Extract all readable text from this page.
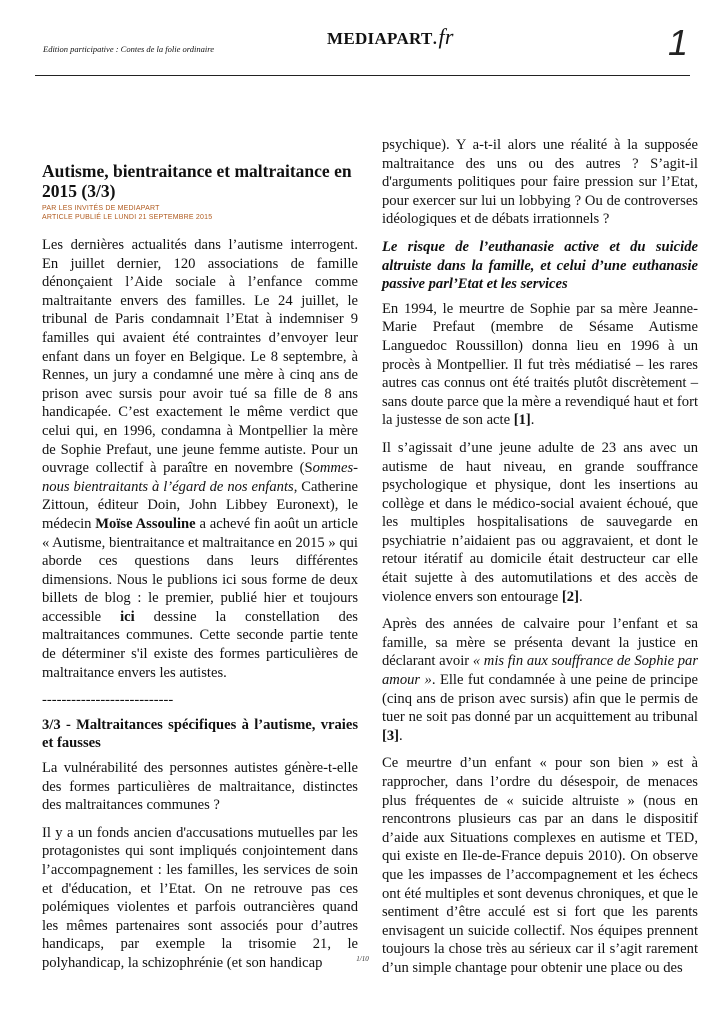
Edition participative : Contes de la folie ordinaire
MEDIAPART.fr	1
Autisme, bientraitance et maltraitance en 2015 (3/3)
PAR LES INVITÉS DE MEDIAPART
ARTICLE PUBLIÉ LE LUNDI 21 SEPTEMBRE 2015

Les dernières actualités dans l’autisme interrogent. En juillet dernier, 120 associations de famille dénonçaient l’Aide sociale à l’enfance comme maltraitante envers des familles. Le 24 juillet, le tribunal de Paris condamnait l’Etat à indemniser 9 familles qui avaient été contraintes d’envoyer leur enfant dans un foyer en Belgique. Le 8 septembre, à Rennes, un jury a condamné une mère à cinq ans de prison avec sursis pour avoir tué sa fille de 8 ans handicapée. C’est exactement le même verdict que celui qui, en 1996, condamna à Montpellier la mère de Sophie Prefaut, une jeune femme autiste. Pour un ouvrage collectif à paraître en novembre (Sommes-nous bientraitants à l’égard de nos enfants, Catherine Zittoun, éditeur Doin, John Libbey Euronext), le médecin Moïse Assouline a achevé fin août un article « Autisme, bientraitance et maltraitance en 2015 » qui aborde ces questions dans leurs différentes dimensions. Nous le publions ici sous forme de deux billets de blog : le premier, publié hier et toujours accessible ici dessine la constellation des maltraitances communes. Cette seconde partie tente de déterminer s'il existe des formes particulières de maltraitance envers les autistes.

---------------------------
3/3 - Maltraitances spécifiques à l’autisme, vraies et fausses

La vulnérabilité des personnes autistes génère-t-elle des formes particulières de maltraitance, distinctes des maltraitances communes ?

Il y a un fonds ancien d'accusations mutuelles par les protagonistes qui sont impliqués conjointement dans l’accompagnement : les familles, les services de soin et d'éducation, et l’Etat. On ne retrouve pas ces polémiques violentes et parfois outrancières quand les mêmes partenaires sont associés pour d’autres handicaps, par exemple la trisomie 21, le polyhandicap, la schizophrénie (et son handicap

psychique). Y a-t-il alors une réalité à la supposée maltraitance des uns ou des autres ? S’agit-il d'arguments politiques pour faire pression sur l’Etat, pour exercer sur lui un lobbying ? Ou de controverses idéologiques et de débats irrationnels ?

Le risque de l’euthanasie active et du suicide altruiste dans la famille, et celui d’une euthanasie passive parl’Etat et les services

En 1994, le meurtre de Sophie par sa mère Jeanne-Marie Prefaut (membre de Sésame Autisme Languedoc Roussillon) donna lieu en 1996 à un procès à Montpellier. Il fut très médiatisé – les rares autres cas connus ont été traités plutôt discrètement – sans doute parce que la mère a revendiqué haut et fort la justesse de son acte [1].

Il s’agissait d’une jeune adulte de 23 ans avec un autisme de haut niveau, en grande souffrance psychologique et physique, dont les insertions au collège et dans le médico-social avaient échoué, que les multiples hospitalisations de sauvegarde en psychiatrie n’aidaient pas ou aggravaient, et dont le retour itératif au domicile était destructeur car elle était sujette à des automutilations et des accès de violence envers son entourage [2].

Après des années de calvaire pour l’enfant et sa famille, sa mère se présenta devant la justice en déclarant avoir « mis fin aux souffrance de Sophie par amour ». Elle fut condamnée à une peine de principe (cinq ans de prison avec sursis) afin que le permis de tuer ne soit pas donné par un acquittement au tribunal [3].

Ce meurtre d’un enfant « pour son bien » est à rapprocher, dans l’ordre du désespoir, de menaces plus fréquentes de « suicide altruiste » (nous en rencontrons plusieurs cas par an dans le dispositif d’aide aux Situations complexes en autisme et TED, qui existe en Ile-de-France depuis 2010). On observe que les impasses de l’accompagnement et les échecs ont été multiples et sont devenus chroniques, et que le sentiment d’être acculé est si fort que les parents envisagent un suicide collectif. Nos équipes prennent toujours la chose très au sérieux car il s’agit rarement d’un simple chantage pour obtenir une place ou des

1/10
